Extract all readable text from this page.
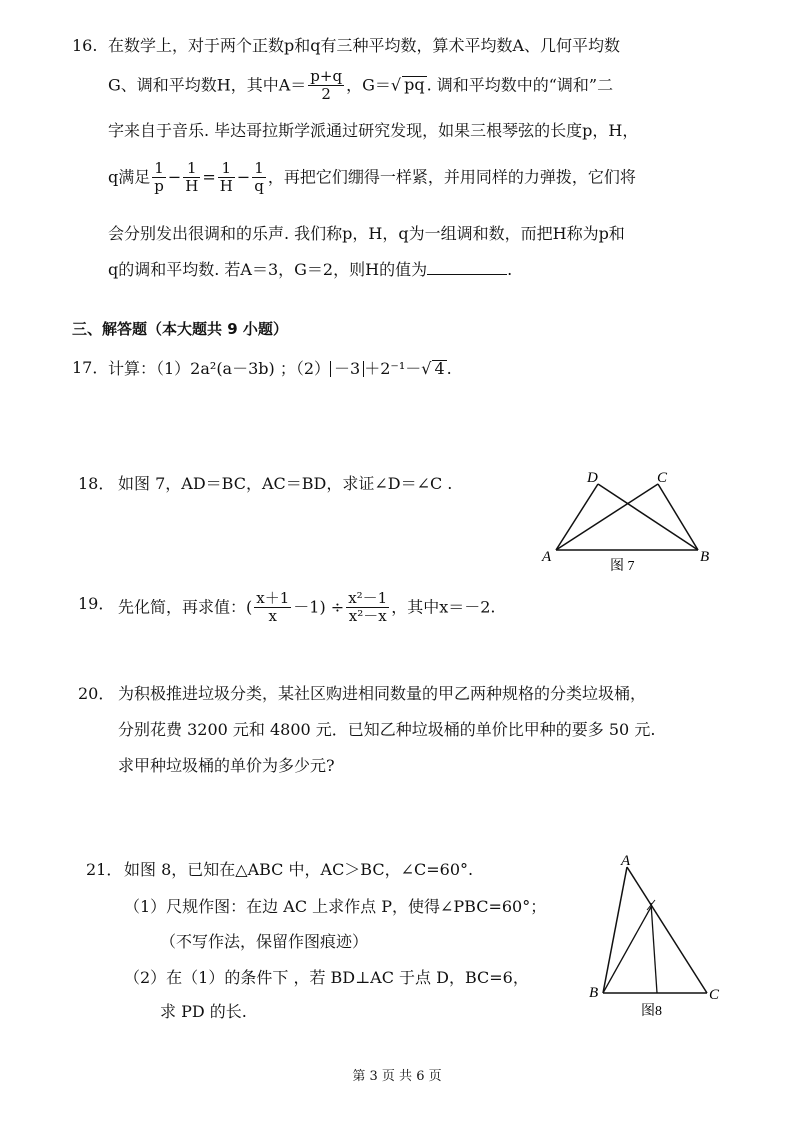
16. 在数学上，对于两个正数p和q有三种平均数，算术平均数A、几何平均数
G、调和平均数H，其中$A= \frac{p+q}{2}$ ，G＝√ pq . 调和平均数中的“调和”二
字来自于音乐. 毕达哥拉斯学派通过研究发现，如果三根琴弦的长度p，H，
q满足 $\frac{1}{p} - \frac{1}{H} = \frac{1}{H} - \frac{1}{q}$ ，再把它们绷得一样紧，并用同样的力弹拨，它们将
会分别发出很调和的乐声. 我们称p，H，q为一组调和数，而把H称为p和
q的调和平均数. 若A＝3，G＝2，则H的值为	.
三、解答题（本大题共 9 小题）
17． 计算：（1）2a²(a－3b) ；（2） －3 ＋2⁻¹－√ 4 .
18． 如图 7，AD＝BC，AC＝BD，求证∠D＝∠C .	D	C
A	B
图 7
19． 先化简，再求值：( $\frac{x+1}{x} -1) \div \frac{\text{x²－1}}{\text{x²－x}}$ ，其中x＝－2.
20． 为积极推进垃圾分类，某社区购进相同数量的甲乙两种规格的分类垃圾桶，
分别花费 3200 元和 4800 元．已知乙种垃圾桶的单价比甲种的要多 50 元.
求甲种垃圾桶的单价为多少元?
21． 如图 8，已知在△ABC 中，AC＞BC，∠C=60°.
（1）尺规作图：在边 AC 上求作点 P，使得∠PBC=60°；
（不写作法，保留作图痕迹）
（2）在（1）的条件下 ，若 BD⊥AC 于点 D，BC=6，
求 PD 的长.
A
B	C
图8
第 3 页 共 6 页
